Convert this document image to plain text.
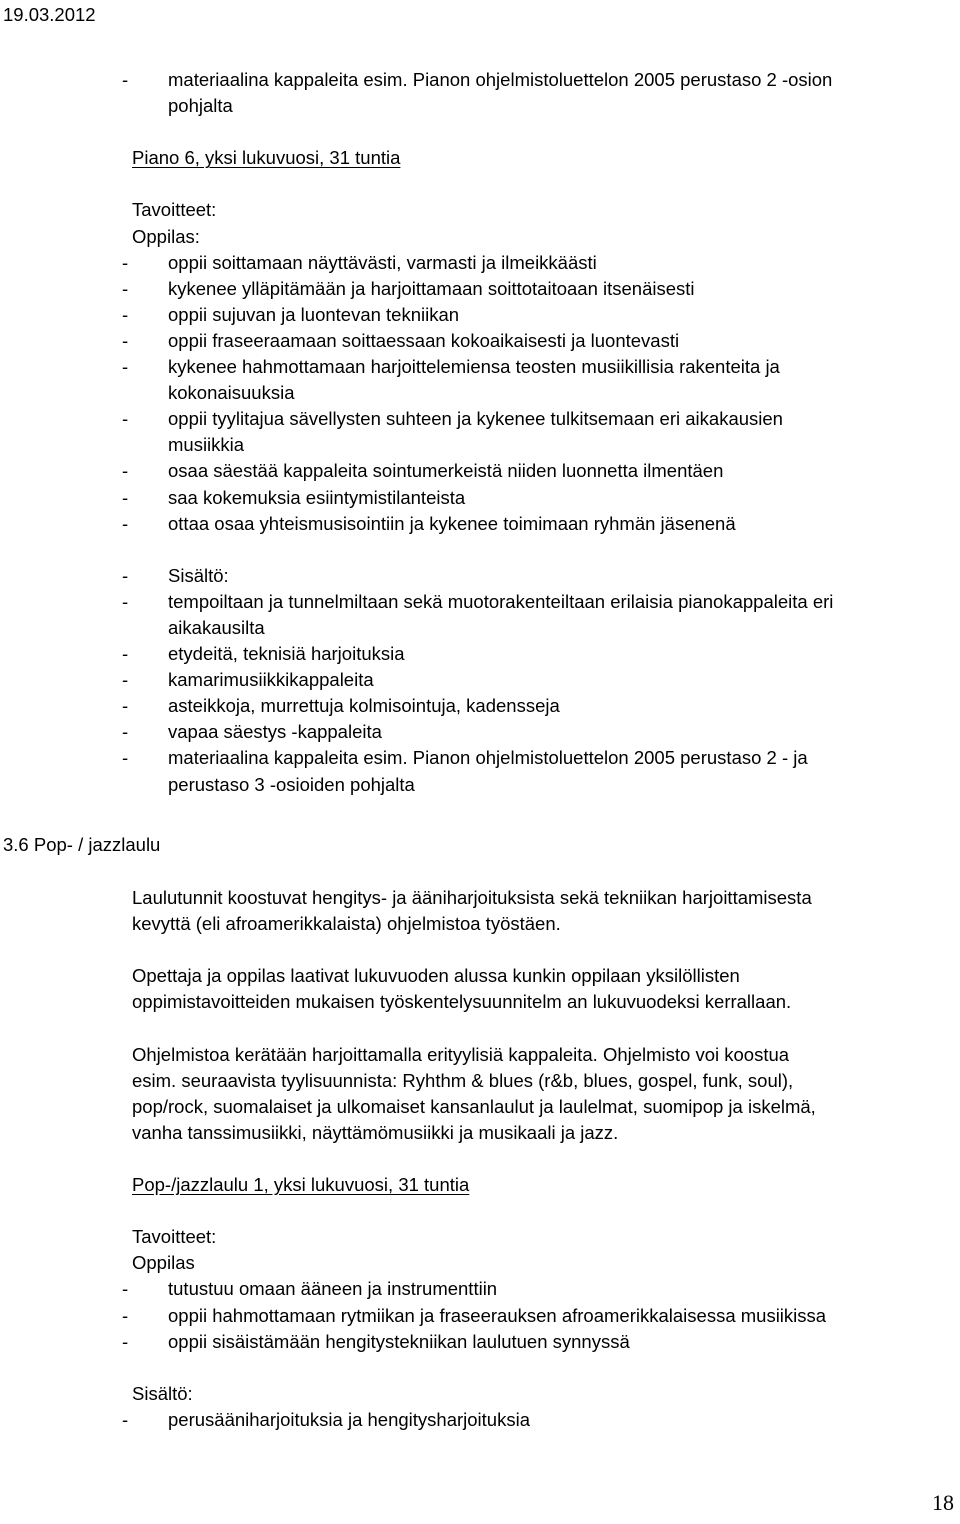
19.03.2012
- materiaalina kappaleita esim. Pianon ohjelmistoluettelon 2005 perustaso 2 -osion
pohjalta
Piano 6, yksi lukuvuosi, 31 tuntia
Tavoitteet:
Oppilas:
- oppii soittamaan näyttävästi, varmasti ja ilmeikkäästi
- kykenee ylläpitämään ja harjoittamaan soittotaitoaan itsenäisesti
- oppii sujuvan ja luontevan tekniikan
- oppii fraseeraamaan soittaessaan kokoaikaisesti ja luontevasti
- kykenee hahmottamaan harjoittelemiensa teosten musiikillisia rakenteita ja
kokonaisuuksia
- oppii tyylitajua sävellysten suhteen ja kykenee tulkitsemaan eri aikakausien
musiikkia
- osaa säestää kappaleita sointumerkeistä niiden luonnetta ilmentäen
- saa kokemuksia esiintymistilanteista
- ottaa osaa yhteismusisointiin ja kykenee toimimaan ryhmän jäsenenä
- Sisältö:
- tempoiltaan ja tunnelmiltaan sekä muotorakenteiltaan erilaisia pianokappaleita eri
aikakausilta
- etydeitä, teknisiä harjoituksia
- kamarimusiikkikappaleita
- asteikkoja, murrettuja kolmisointuja, kadensseja
- vapaa säestys -kappaleita
- materiaalina kappaleita esim. Pianon ohjelmistoluettelon 2005 perustaso 2 - ja
perustaso 3 -osioiden pohjalta
3.6 Pop- / jazzlaulu
Laulutunnit koostuvat hengitys- ja ääniharjoituksista sekä tekniikan harjoittamisesta
kevyttä (eli afroamerikkalaista) ohjelmistoa työstäen.
Opettaja ja oppilas laativat lukuvuoden alussa kunkin oppilaan yksilöllisten
oppimistavoitteiden mukaisen työskentelysuunnitelm an lukuvuodeksi kerrallaan.
Ohjelmistoa kerätään harjoittamalla erityylisiä kappaleita. Ohjelmisto voi koostua
esim. seuraavista tyylisuunnista: Ryhthm & blues (r&b, blues, gospel, funk, soul),
pop/rock, suomalaiset ja ulkomaiset kansanlaulut ja laulelmat, suomipop ja iskelmä,
vanha tanssimusiikki, näyttämömusiikki ja musikaali ja jazz.
Pop-/jazzlaulu 1, yksi lukuvuosi, 31 tuntia
Tavoitteet:
Oppilas
- tutustuu omaan ääneen ja instrumenttiin
- oppii hahmottamaan rytmiikan ja fraseerauksen afroamerikkalaisessa musiikissa
- oppii sisäistämään hengitystekniikan laulutuen synnyssä
Sisältö:
- perusääniharjoituksia ja hengitysharjoituksia
18
